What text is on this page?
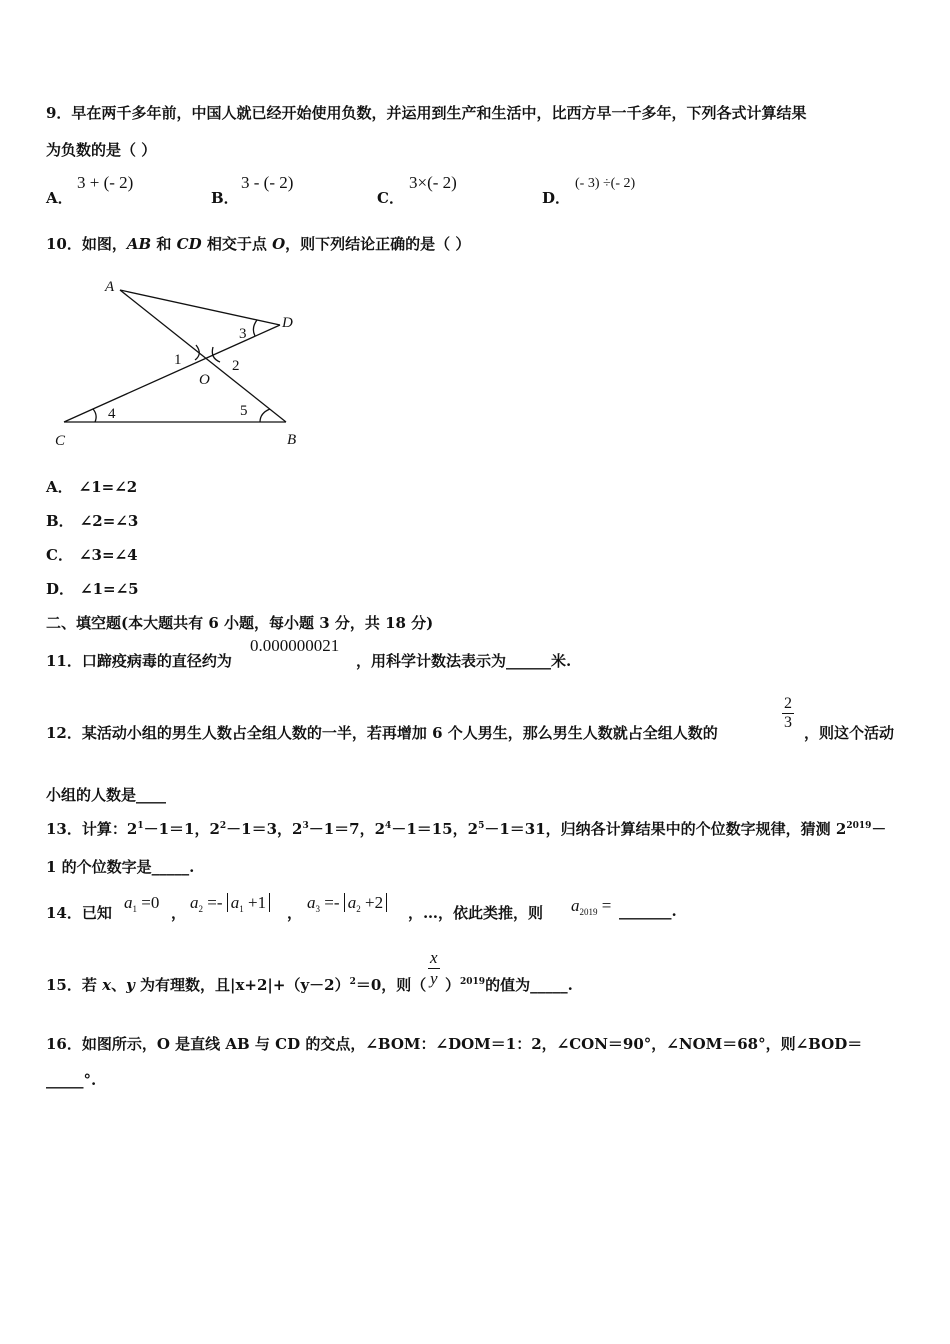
9．早在两千多年前，中国人就已经开始使用负数，并运用到生产和生活中，比西方早一千多年，下列各式计算结果
为负数的是（ ）
A．
3 + (- 2)
B．
3 - (- 2)
C．
3×(- 2)
D．
(- 3) ÷(- 2)
10．如图，AB 和 CD 相交于点 O，则下列结论正确的是（ ）
A
D
O
C	B
3
1	2
4	5
A． ∠1=∠2
B． ∠2=∠3
C． ∠3=∠4
D． ∠1=∠5
二、填空题(本大题共有 6 小题，每小题 3 分，共 18 分)
11．口蹄疫病毒的直径约为
0.000000021
，用科学计数法表示为______米.
12．某活动小组的男生人数占全组人数的一半，若再增加 6 个人男生，那么男生人数就占全组人数的
$\frac{2}{3}$
，则这个活动
小组的人数是____
13．计算：$2^1-1=1$，$2^2-1=3$，$2^3-1=7$，$2^4-1=15$，$2^5-1=31$，归纳各计算结果中的个位数字规律，猜测 $2^{2019}-$
1 的个位数字是_____.
14．已知
$a_1 =0$
，
$a_2 =- a_1 +1$
，
$a_3 =- a_2 +2$
，…，依此类推，则 $a_{2019}$ = _______.
15．若 x、y 为有理数，且$|x+2|+(y-2)^2=0$，则（ $\frac{x}{y} )^{2019}$的值为_____.
16．如图所示，O 是直线 AB 与 CD 的交点，∠BOM：∠DOM＝1：2，∠CON＝90°，∠NOM＝68°，则∠BOD＝
_____°.
